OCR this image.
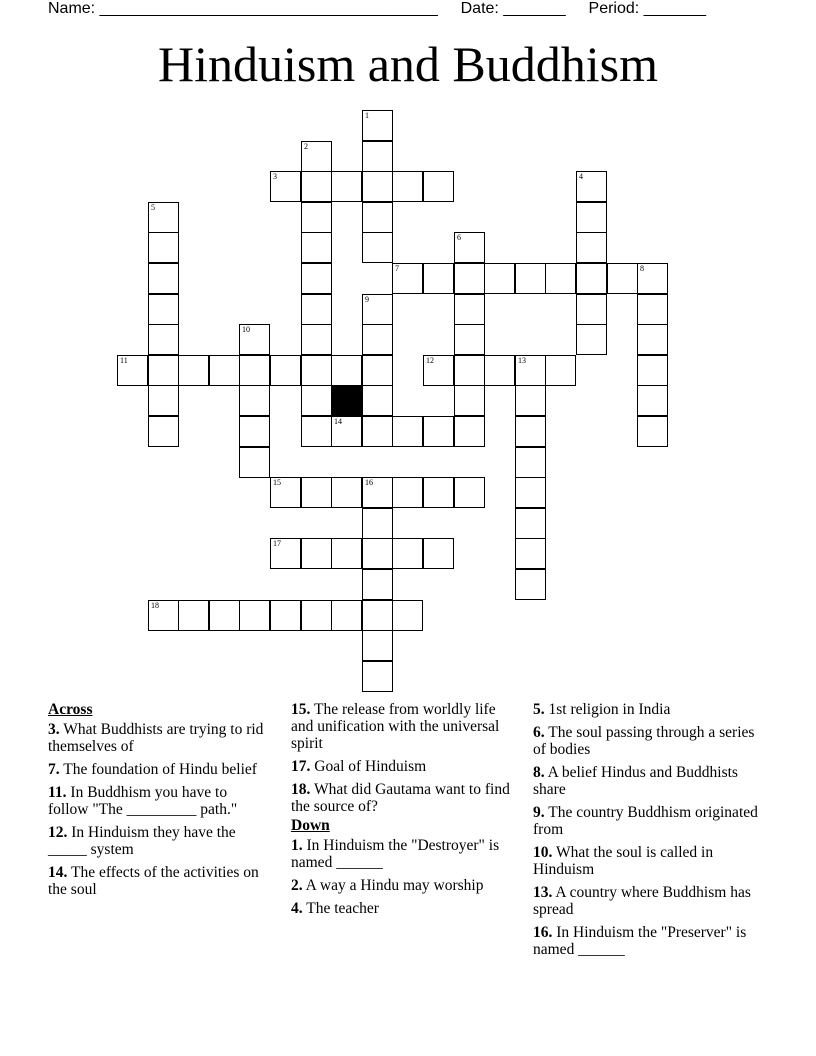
Name: ______________________________________ Date: _______ Period: _______
Hinduism and Buddhism
3
7	8
11	12	13
14
15	16
17
18
1
2
4
5
6
9
10
Across
3. What Buddhists are trying to rid themselves of
7. The foundation of Hindu belief
11. In Buddhism you have to follow "The _________ path."
12. In Hinduism they have the _____ system
14. The effects of the activities on the soul
15. The release from worldly life and unification with the universal spirit
17. Goal of Hinduism
18. What did Gautama want to find the source of?
Down
1. In Hinduism the "Destroyer" is named ______
2. A way a Hindu may worship
4. The teacher
5. 1st religion in India
6. The soul passing through a series of bodies
8. A belief Hindus and Buddhists share
9. The country Buddhism originated from
10. What the soul is called in Hinduism
13. A country where Buddhism has spread
16. In Hinduism the "Preserver" is named ______
